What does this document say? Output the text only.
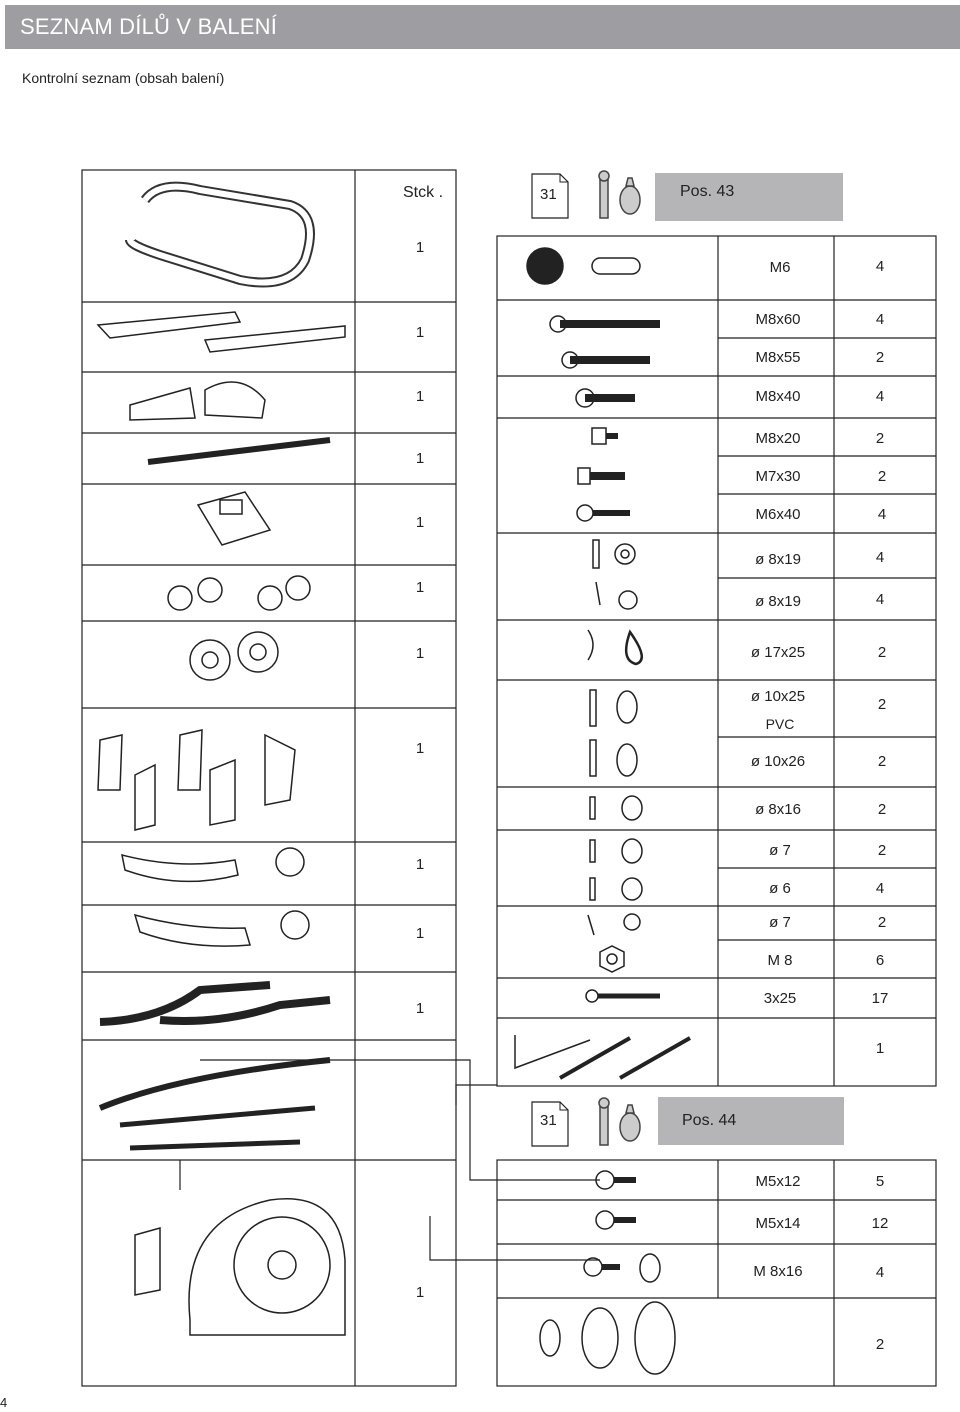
SEZNAM DÍLŮ V BALENÍ
Kontrolní seznam (obsah balení)
31	Pos. 43
31	Pos. 44
Stck .
1
1
1
1
1
1
1
1
1
1
1
1
M6
M8x60
M8x55
M8x40
M8x20
M7x30
M6x40
ø 8x19
ø 8x19
ø 17x25
ø 10x25
PVC
ø 10x26
ø 8x16
ø 7
ø 6
ø 7
M 8
3x25
4
4
2
4
2
2
4
4
4
2
2
2
2
2
4
2
6
17
1
M5x12
M5x14
M 8x16
5
12
4
2
4
